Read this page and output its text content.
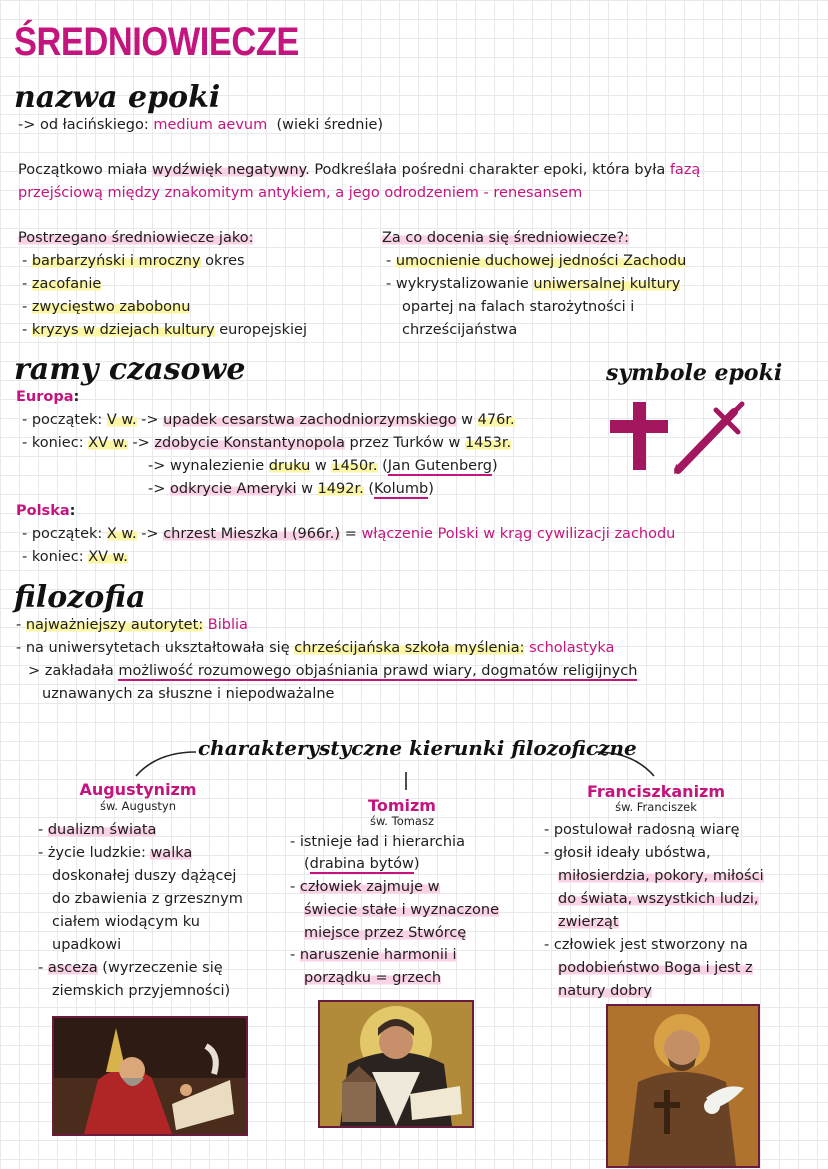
ŚREDNIOWIECZE
nazwa epoki
-> od łacińskiego: medium aevum (wieki średnie)
Początkowo miała wydźwięk negatywny. Podkreślała pośredni charakter epoki, która była fazą
przejściową między znakomitym antykiem, a jego odrodzeniem - renesansem
Postrzegano średniowiecze jako:
- barbarzyński i mroczny okres
- zacofanie
- zwycięstwo zabobonu
- kryzys w dziejach kultury europejskiej
Za co docenia się średniowiecze?:
- umocnienie duchowej jedności Zachodu
- wykrystalizowanie uniwersalnej kultury
opartej na falach starożytności i
chrześcijaństwa
ramy czasowe
Europa:
- początek: V w. -> upadek cesarstwa zachodniorzymskiego w 476r.
- koniec: XV w. -> zdobycie Konstantynopola przez Turków w 1453r.
-> wynalezienie druku w 1450r. (Jan Gutenberg)
-> odkrycie Ameryki w 1492r. (Kolumb)
Polska:
- początek: X w. -> chrzest Mieszka I (966r.) = włączenie Polski w krąg cywilizacji zachodu
- koniec: XV w.
symbole epoki
filozofia
- najważniejszy autorytet: Biblia
- na uniwersytetach ukształtowała się chrześcijańska szkoła myślenia: scholastyka
> zakładała możliwość rozumowego objaśniania prawd wiary, dogmatów religijnych
uznawanych za słuszne i niepodważalne
charakterystyczne kierunki filozoficzne
Augustynizm
św. Augustyn
- dualizm świata
- życie ludzkie: walka
doskonałej duszy dążącej
do zbawienia z grzesznym
ciałem wiodącym ku
upadkowi
- asceza (wyrzeczenie się
ziemskich przyjemności)
Tomizm
św. Tomasz
- istnieje ład i hierarchia
(drabina bytów)
- człowiek zajmuje w
świecie stałe i wyznaczone
miejsce przez Stwórcę
- naruszenie harmonii i
porządku = grzech
Franciszkanizm
św. Franciszek
- postulował radosną wiarę
- głosił ideały ubóstwa,
miłosierdzia, pokory, miłości
do świata, wszystkich ludzi,
zwierząt
- człowiek jest stworzony na
podobieństwo Boga i jest z
natury dobry
